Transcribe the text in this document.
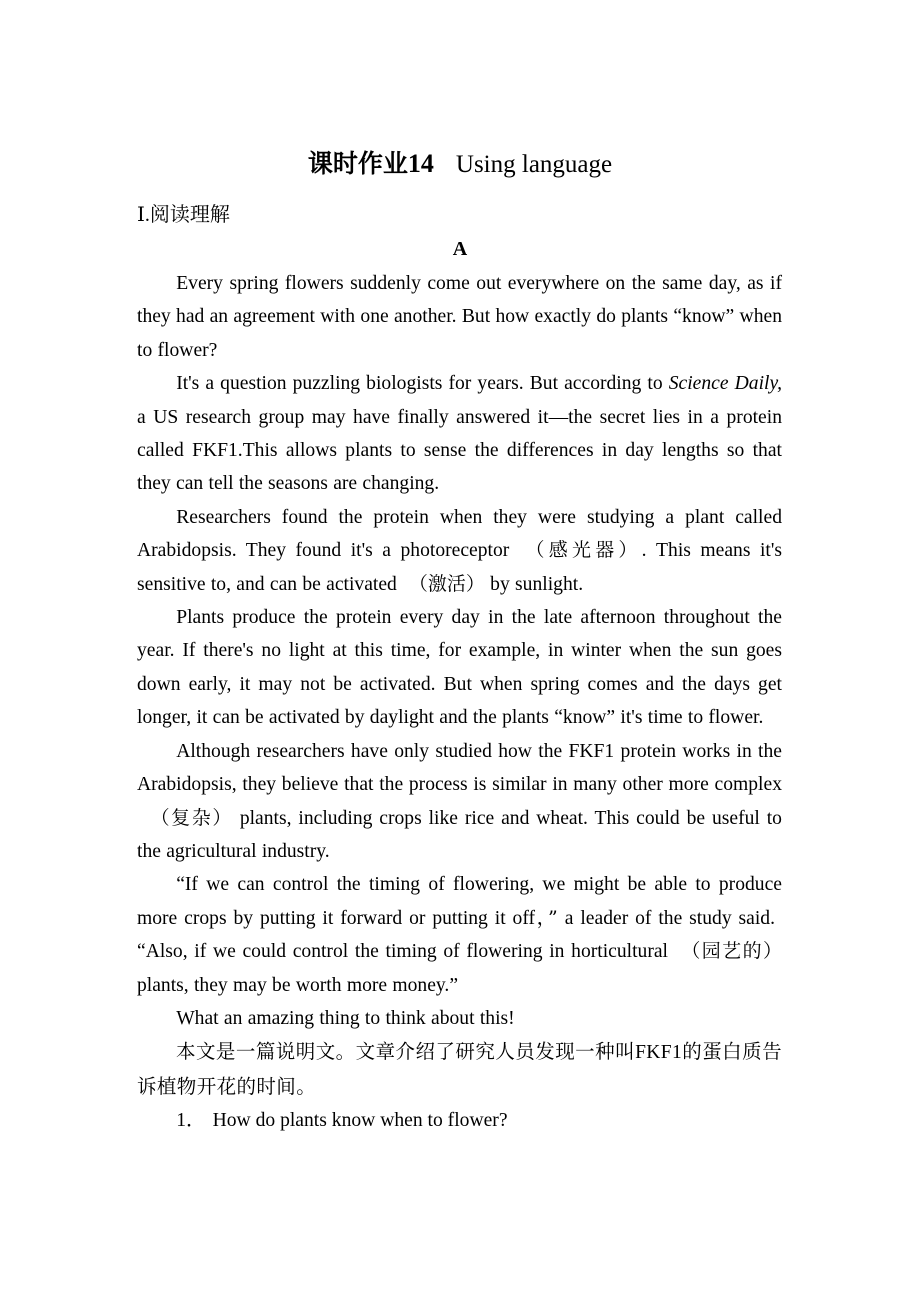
课时作业14 Using language
Ⅰ.阅读理解
A

Every spring flowers suddenly come out everywhere on the same day, as if they had an agreement with one another. But how exactly do plants “know” when to flower?

It's a question puzzling biologists for years. But according to Science Daily, a US research group may have finally answered it—the secret lies in a protein called FKF1.This allows plants to sense the differences in day lengths so that they can tell the seasons are changing.

Researchers found the protein when they were studying a plant called Arabidopsis. They found it's a photoreceptor （感光器）. This means it's sensitive to, and can be activated （激活） by sunlight.

Plants produce the protein every day in the late afternoon throughout the year. If there's no light at this time, for example, in winter when the sun goes down early, it may not be activated. But when spring comes and the days get longer, it can be activated by daylight and the plants “know” it's time to flower.

Although researchers have only studied how the FKF1 protein works in the Arabidopsis, they believe that the process is similar in many other more complex（复杂） plants, including crops like rice and wheat. This could be useful to the agricultural industry.

“If we can control the timing of flowering, we might be able to produce more crops by putting it forward or putting it off，” a leader of the study said.“Also, if we could control the timing of flowering in horticultural （园艺的） plants, they may be worth more money.”

What an amazing thing to think about this!

本文是一篇说明文。文章介绍了研究人员发现一种叫FKF1的蛋白质告诉植物开花的时间。

1． How do plants know when to flower?
